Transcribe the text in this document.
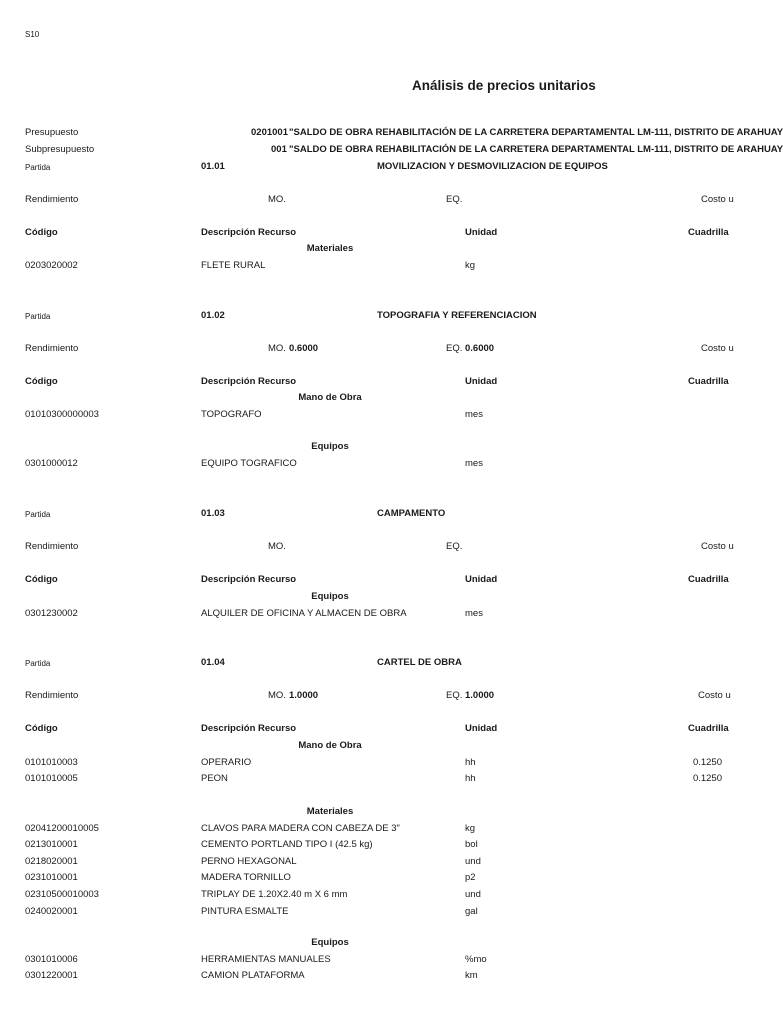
S10
Análisis de precios unitarios
Presupuesto	0201001 "SALDO DE OBRA REHABILITACIÓN DE LA CARRETERA DEPARTAMENTAL LM-111, DISTRITO DE ARAHUAY
Subpresupuesto	001 "SALDO DE OBRA REHABILITACIÓN DE LA CARRETERA DEPARTAMENTAL LM-111, DISTRITO DE ARAHUAY
Partida	01.01	MOVILIZACION Y DESMOVILIZACION DE EQUIPOS
Rendimiento	MO.	EQ.	Costo u
Código	Descripción Recurso	Unidad	Cuadrilla
Materiales
0203020002	FLETE RURAL	kg
Partida	01.02	TOPOGRAFIA Y REFERENCIACION
Rendimiento	MO. 0.6000	EQ. 0.6000	Costo u
Código	Descripción Recurso	Unidad	Cuadrilla
Mano de Obra
01010300000003	TOPOGRAFO	mes
Equipos
0301000012	EQUIPO TOGRAFICO	mes
Partida	01.03	CAMPAMENTO
Rendimiento	MO.	EQ.	Costo u
Código	Descripción Recurso	Unidad	Cuadrilla
Equipos
0301230002	ALQUILER DE OFICINA Y ALMACEN DE OBRA	mes
Partida	01.04	CARTEL DE OBRA
Rendimiento	MO. 1.0000	EQ. 1.0000	Costo u
Código	Descripción Recurso	Unidad	Cuadrilla
Mano de Obra
0101010003	OPERARIO	hh	0.1250
0101010005	PEON	hh	0.1250
Materiales
02041200010005	CLAVOS PARA MADERA CON CABEZA DE 3"	kg
0213010001	CEMENTO PORTLAND TIPO I (42.5 kg)	bol
0218020001	PERNO HEXAGONAL	und
0231010001	MADERA TORNILLO	p2
02310500010003	TRIPLAY DE 1.20X2.40 m X 6 mm	und
0240020001	PINTURA ESMALTE	gal
Equipos
0301010006	HERRAMIENTAS MANUALES	%mo
0301220001	CAMION PLATAFORMA	km
